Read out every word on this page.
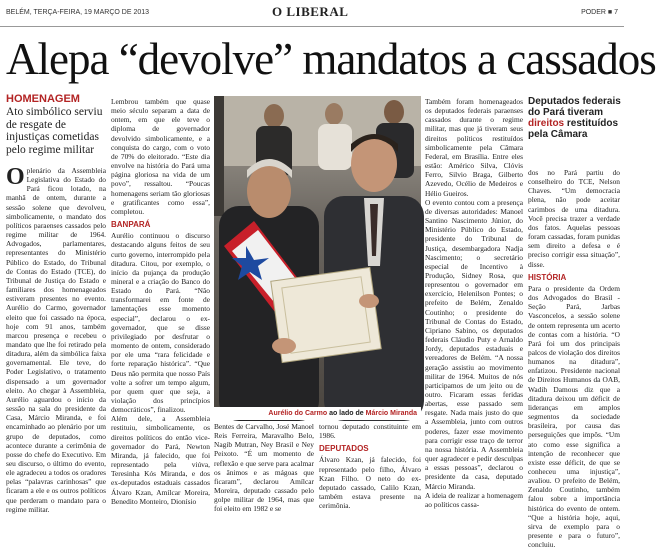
BELÉM, TERÇA-FEIRA, 19 MARÇO DE 2013	O LIBERAL	PODER ■ 7
Alepa “devolve” mandatos a cassados
HOMENAGEM
Ato simbólico serviu de resgate de injustiças cometidas pelo regime militar

Oplenário da Assembleia Legislativa do Estado do Pará ficou lotado, na manhã de ontem, durante a sessão solene que devolveu, simbolicamente, o mandato dos políticos paraenses cassados pelo regime militar de 1964. Advogados, parlamentares, representantes do Ministério Público do Estado, do Tribunal de Contas do Estado (TCE), do Tribunal de Justiça do Estado e familiares dos homenageados estiveram presentes no evento. Aurélio do Carmo, governador eleito que foi cassado na época, hoje com 91 anos, também marcou presença e recebeu o mandato que lhe foi retirado pela ditadura, além da simbólica faixa governamental. Ele teve, do Poder Legislativo, o tratamento dispensado a um governador eleito. Ao chegar à Assembleia, Aurélio aguardou o início da sessão na sala do presidente da Casa, Márcio Miranda, e foi encaminhado ao plenário por um grupo de deputados, como acontece durante a cerimônia de posse do chefe do Executivo. Em seu discurso, o último do evento, ele agradeceu a todos os oradores pelas “palavras carinhosas” que ficaram a ele e os outros políticos que perderam o mandato para o regime militar.

Lembrou também que quase meio século separam a data de ontem, em que ele teve o diploma de governador devolvido simbolicamente, e a conquista do cargo, com o voto de 70% do eleitorado. “Este dia envolve na história do Pará uma página gloriosa na vida de um povo”, ressaltou. “Poucas homenagens seriam tão gloriosas e gratificantes como essa”, completou.

BANPARÁ

Aurélio continuou o discurso destacando alguns feitos de seu curto governo, interrompido pela ditadura. Citou, por exemplo, o início da pujança da produção mineral e a criação do Banco do Estado do Pará. “Não transformarei em fonte de lamentações esse momento especial”, declarou o ex-governador, que se disse privilegiado por desfrutar o momento de ontem, considerado por ele uma “rara felicidade e forte reparação histórica”. “Que Deus não permita que nosso País volte a sofrer um tempo algum, por quem quer que seja, a violação dos princípios democráticos”, finalizou.

Além dele, a Assembleia restituiu, simbolicamente, os direitos políticos do então vice-governador do Pará, Newton Miranda, já falecido, que foi representado pela viúva, Teresinha Kós Miranda, e dos ex-deputados estaduais cassados Álvaro Kzan, Amílcar Moreira, Benedito Monteiro, Dionísio

Aurélio do Carmo ao lado de Márcio Miranda

Bentes de Carvalho, José Manoel Reis Ferreira, Maravalho Belo, Nagib Mutran, Ney Brasil e Ney Peixoto. “É um momento de reflexão e que serve para acalmar os ânimos e as mágoas que ficaram”, declarou Amílcar Moreira, deputado cassado pelo golpe militar de 1964, mas que foi eleito em 1982 e se

tornou deputado constituinte em 1986.

DEPUTADOS

Álvaro Kzan, já falecido, foi representado pelo filho, Álvaro Kzan Filho. O neto do ex-deputado cassado, Calilo Kzan, também estava presente na cerimônia.

Também foram homenageados os deputados federais paraenses cassados durante o regime militar, mas que já tiveram seus direitos políticos restituídos simbolicamente pela Câmara Federal, em Brasília. Entre eles estão: Américo Silva, Clóvis Ferro, Silvio Braga, Gilberto Azevedo, Océlio de Medeiros e Hélio Gueiros.

O evento contou com a presença de diversas autoridades: Manoel Santino Nascimento Júnior, do Ministério Público do Estado, presidente do Tribunal de Justiça, desembargadora Nadja Nascimento; o secretário especial de Incentivo à Produção, Sidney Rosa, que representou o governador em exercício, Helenilson Pontes; o prefeito de Belém, Zenaldo Coutinho; o presidente do Tribunal de Contas do Estado, Cipriano Sabino, os deputados federais Cláudio Puty e Arnaldo Jordy, deputados estaduais e vereadores de Belém. “A nossa geração assistiu ao movimento militar de 1964. Muitos de nós participamos de um jeito ou de outro. Ficaram essas feridas abertas, esse passado sem resgate. Nada mais justo do que a Assembleia, junto com outros poderes, fazer esse movimento para corrigir esse traço de terror na nossa história. A Assembleia quer agradecer e pedir desculpas a essas pessoas”, declarou o presidente da casa, deputado Márcio Miranda.

A ideia de realizar a homenagem ao políticos cassa-

Deputados federais do Pará tiveram direitos restituídos pela Câmara

dos no Pará partiu do conselheiro do TCE, Nelson Chaves. “Um democracia plena, não pode aceitar carimbos de uma ditadura. Você precisa trazer a verdade dos fatos. Aquelas pessoas foram cassadas, foram punidas sem direito a defesa e é preciso corrigir essa situação”, disse.

HISTÓRIA

Para o presidente da Ordem dos Advogados do Brasil - Seção Pará, Jarbas Vasconcelos, a sessão solene de ontem representa um acerto de contas com a história. “O Pará foi um dos principais palcos de violação dos direitos humanos na ditadura”, enfatizou. Presidente nacional de Direitos Humanos da OAB, Wadih Damous diz que a ditadura deixou um déficit de lideranças em amplos segmentos da sociedade brasileira, por causa das perseguições que impôs. “Um ato como esse significa a intenção de reconhecer que existe esse déficit, de que se conheceu uma injustiça”, avaliou. O prefeito de Belém, Zenaldo Coutinho, também falou sobre a importância histórica do evento de ontem. “Que a história hoje, aqui, sirva de exemplo para o presente e para o futuro”, concluiu.
